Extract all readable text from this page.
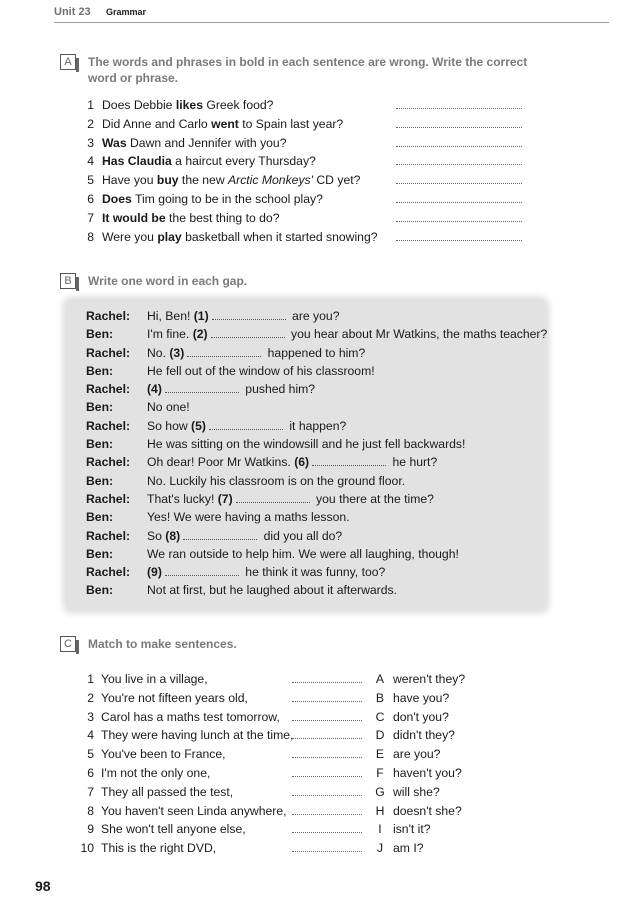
Unit 23 Grammar
A	The words and phrases in bold in each sentence are wrong. Write the correct
word or phrase.
1 Does Debbie likes Greek food?
2 Did Anne and Carlo went to Spain last year?
3 Was Dawn and Jennifer with you?
4 Has Claudia a haircut every Thursday?
5 Have you buy the new Arctic Monkeys' CD yet?
6 Does Tim going to be in the school play?
7 It would be the best thing to do?
8 Were you play basketball when it started snowing?
B	Write one word in each gap.
Rachel: Hi, Ben! (1)	are you?
Ben:	I'm fine. (2)	you hear about Mr Watkins, the maths teacher?
Rachel: No. (3)	happened to him?
Ben:	He fell out of the window of his classroom!
Rachel: (4)	pushed him?
Ben:	No one!
Rachel: So how (5)	it happen?
Ben:	He was sitting on the windowsill and he just fell backwards!
Rachel: Oh dear! Poor Mr Watkins. (6)	he hurt?
Ben:	No. Luckily his classroom is on the ground floor.
Rachel: That's lucky! (7)	you there at the time?
Ben:	Yes! We were having a maths lesson.
Rachel: So (8)	did you all do?
Ben:	We ran outside to help him. We were all laughing, though!
Rachel: (9)	he think it was funny, too?
Ben:	Not at first, but he laughed about it afterwards.
C	Match to make sentences.
1 You live in a village,	A weren't they?
2 You're not fifteen years old,	B have you?
3 Carol has a maths test tomorrow,	C don't you?
4 They were having lunch at the time,	D didn't they?
5 You've been to France,	E are you?
6 I'm not the only one,	F haven't you?
7 They all passed the test,	G will she?
8 You haven't seen Linda anywhere,	H doesn't she?
9 She won't tell anyone else,	I isn't it?
10 This is the right DVD,	J am I?
98
